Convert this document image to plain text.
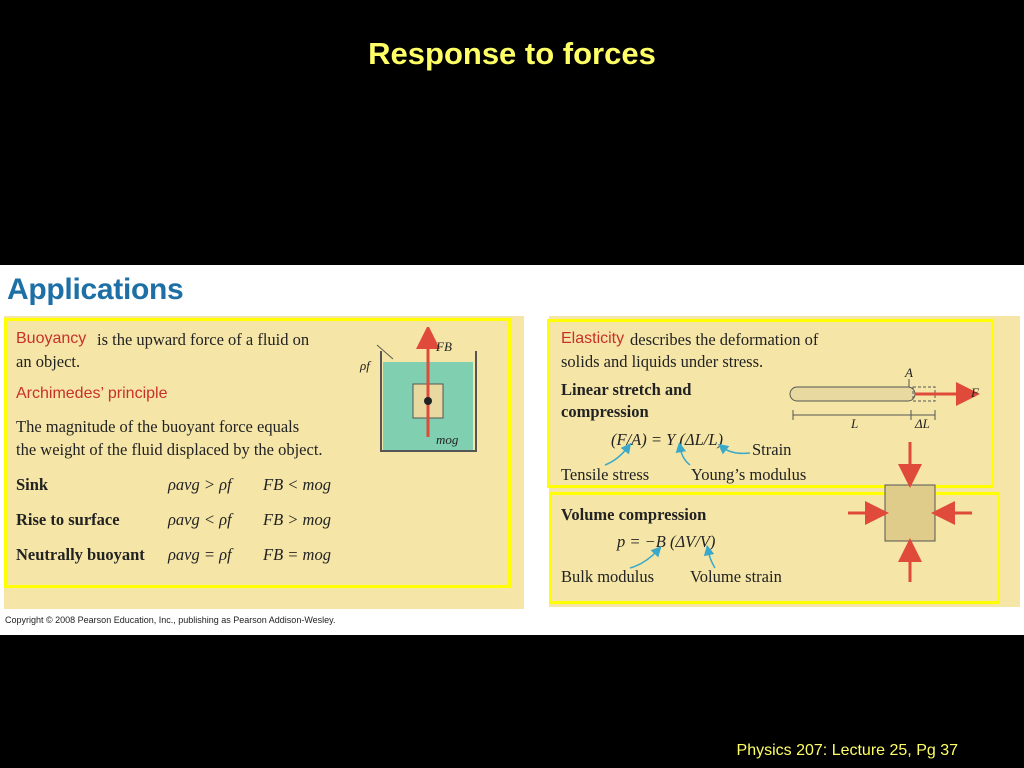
Response to forces
Applications
Buoyancy is the upward force of a fluid on
an object.
Archimedes’ principle
The magnitude of the buoyant force equals
the weight of the fluid displaced by the object.
Sink	ρavg > ρf FB < mog
Rise to surface	ρavg < ρf FB > mog
Neutrally buoyant ρavg = ρf FB = mog
ρf
FB
mog
Elasticity describes the deformation of
solids and liquids under stress.
Linear stretch and
compression
(F/A) = Y (ΔL/L)
Strain
Tensile stress	Young’s modulus
A
F
L	ΔL
Volume compression
p = −B (ΔV/V)
Bulk modulus Volume strain
Copyright © 2008 Pearson Education, Inc., publishing as Pearson Addison-Wesley.
Physics 207: Lecture 25, Pg 37
